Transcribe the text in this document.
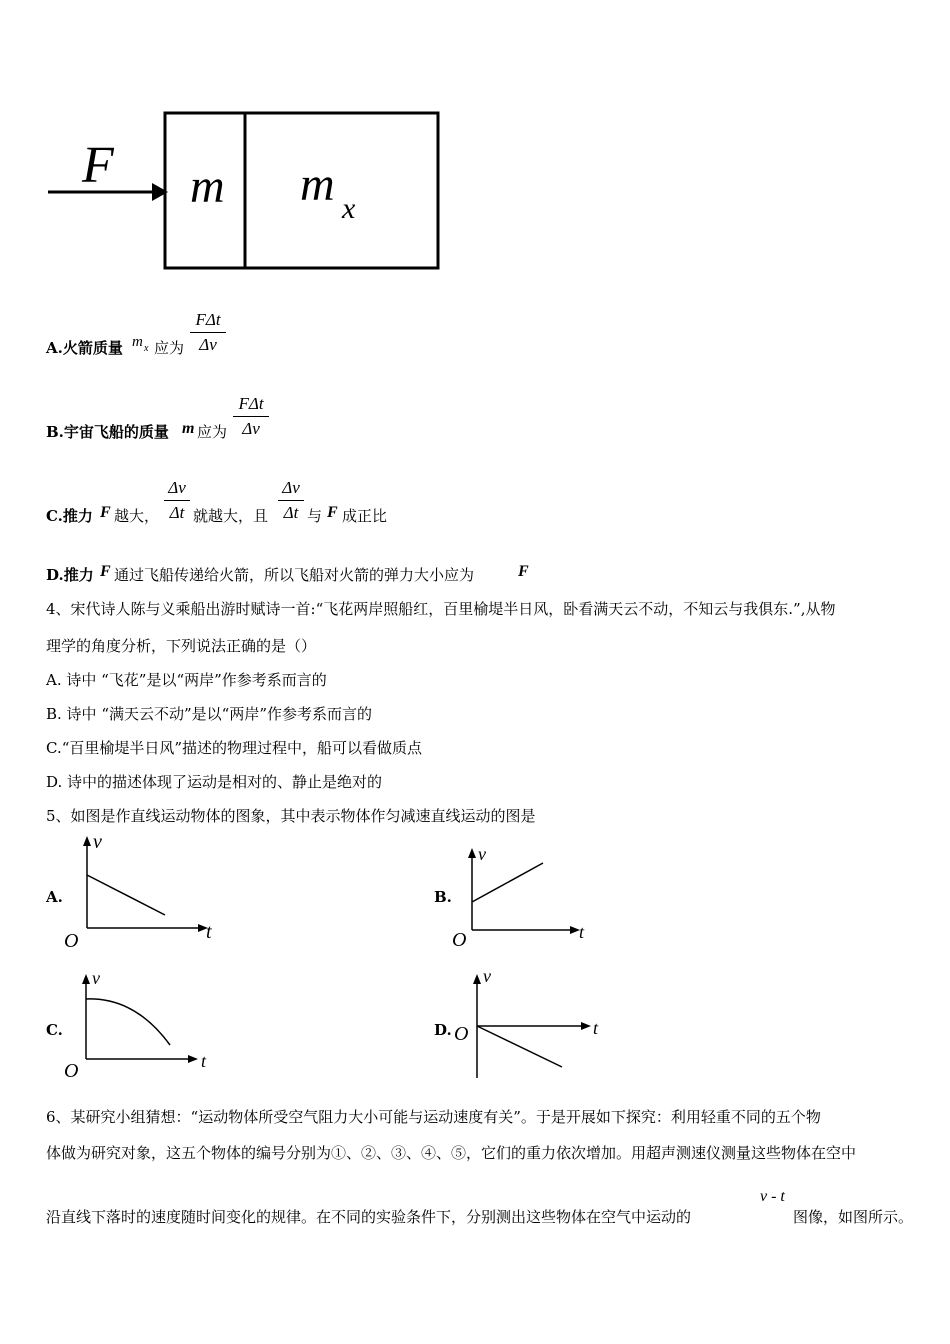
F m m x
A.火箭质量 m x 应为
FΔt
Δv
B.宇宙飞船的质量 m 应为
FΔt
Δv
C.推力 F 越大，
Δv
Δt 就越大，且
Δv
Δt 与 F 成正比
D.推力 F 通过飞船传递给火箭，所以飞船对火箭的弹力大小应为	F
4、宋代诗人陈与义乘船出游时赋诗一首:“飞花两岸照船红，百里榆堤半日风，卧看满天云不动，不知云与我俱东.”,从物
理学的角度分析，下列说法正确的是（）
A. 诗中 “飞花”是以“两岸”作参考系而言的
B. 诗中 “满天云不动”是以“两岸”作参考系而言的
C.“百里榆堤半日风”描述的物理过程中，船可以看做质点
D. 诗中的描述体现了运动是相对的、静止是绝对的
5、如图是作直线运动物体的图象，其中表示物体作匀减速直线运动的图是
A.
v
t
O
B.
v
t
O
C.
v
t
O
D.
v
t
O
6、某研究小组猜想：“运动物体所受空气阻力大小可能与运动速度有关”。于是开展如下探究：利用轻重不同的五个物
体做为研究对象，这五个物体的编号分别为①、②、③、④、⑤，它们的重力依次增加。用超声测速仪测量这些物体在空中
沿直线下落时的速度随时间变化的规律。在不同的实验条件下，分别测出这些物体在空气中运动的
v - t
图像，如图所示。
